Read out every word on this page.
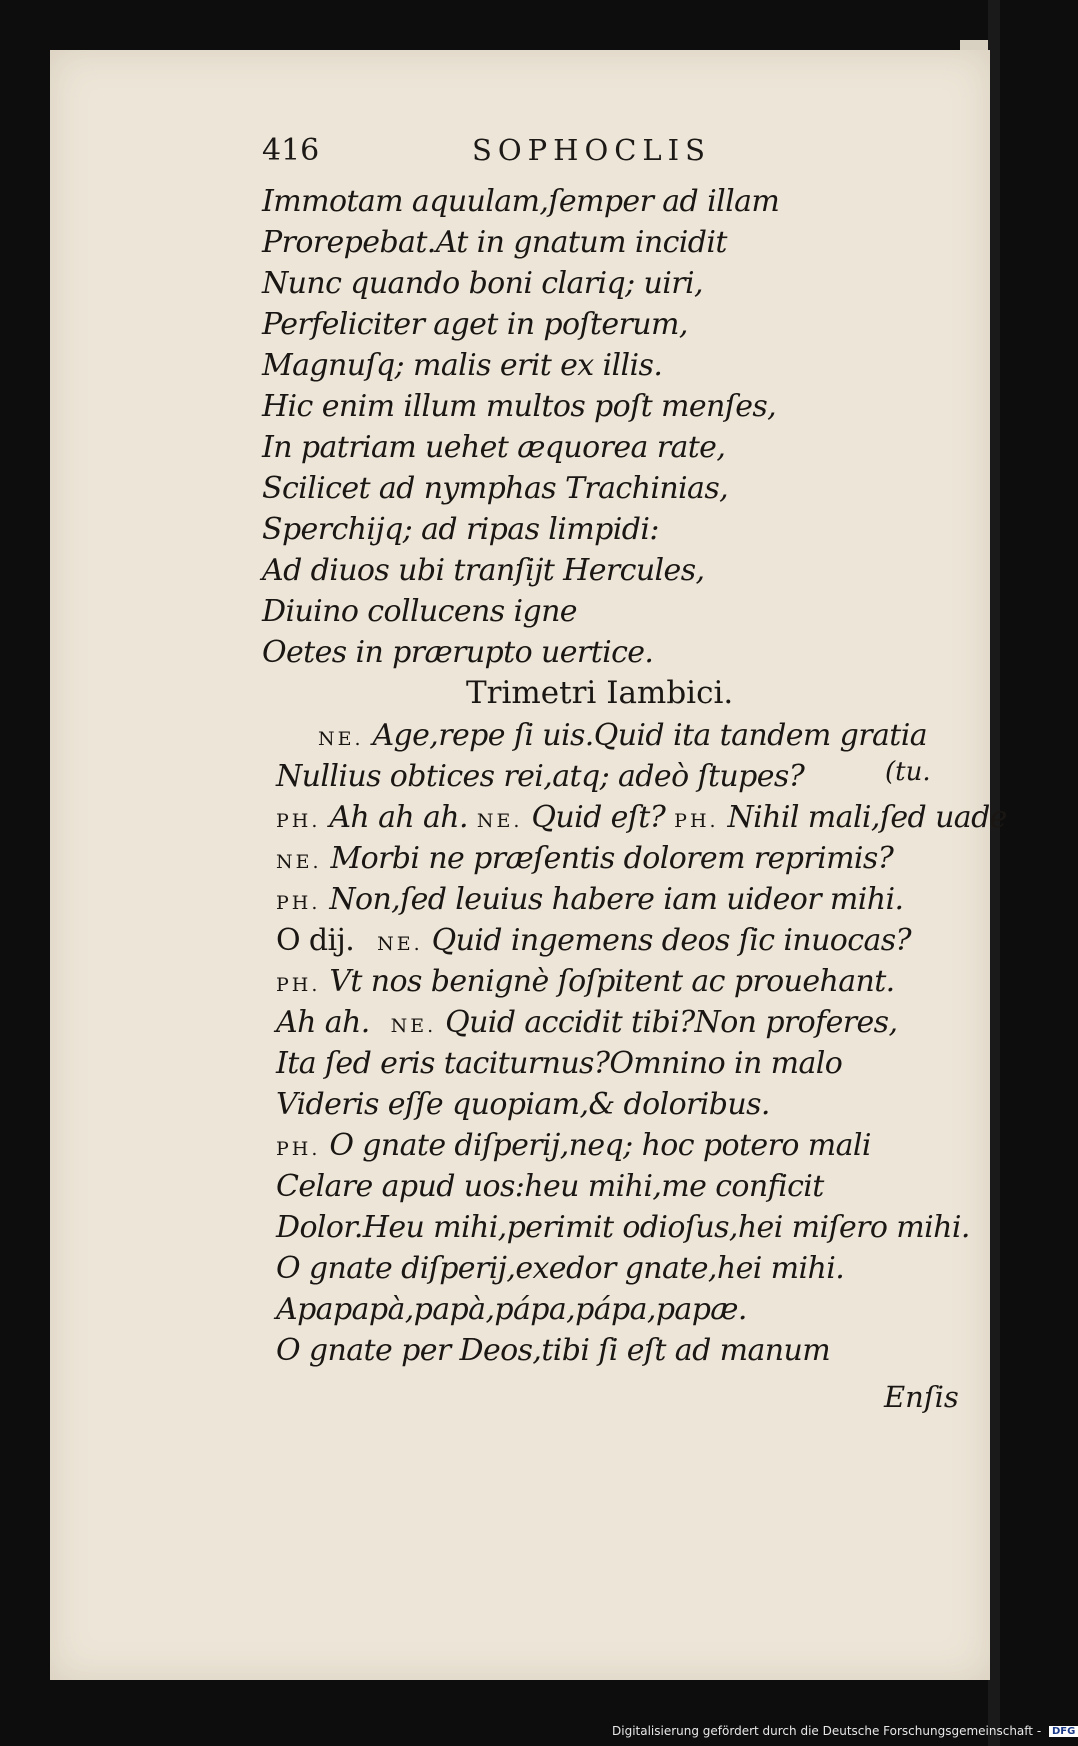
416	SOPHOCLIS
Immotam aquulam,ſemper ad illam
Prorepebat.At in gnatum incidit
Nunc quando boni clariq; uiri,
Perfeliciter aget in poſterum,
Magnuſq; malis erit ex illis.
Hic enim illum multos poſt menſes,
In patriam uehet æquorea rate,
Scilicet ad nymphas Trachinias,
Sperchijq; ad ripas limpidi:
Ad diuos ubi tranſijt Hercules,
Diuino collucens igne
Oetes in prærupto uertice.
Trimetri Iambici.
NE. Age,repe ſi uis.Quid ita tandem gratia
Nullius obtices rei,atq; adeò ſtupes?
PH. Ah ah ah. NE. Quid eſt? PH. Nihil mali,ſed uade
NE. Morbi ne præſentis dolorem reprimis?
PH. Non,ſed leuius habere iam uideor mihi.
O dij. NE. Quid ingemens deos ſic inuocas?
PH. Vt nos benignè ſoſpitent ac prouehant.
Ah ah. NE. Quid accidit tibi?Non proferes,
Ita ſed eris taciturnus?Omnino in malo
Videris eſſe quopiam,& doloribus.
PH. O gnate diſperij,neq; hoc potero mali
Celare apud uos:heu mihi,me conficit
Dolor.Heu mihi,perimit odioſus,hei miſero mihi.
O gnate diſperij,exedor gnate,hei mihi.
Apapapà,papà,pápa,pápa,papæ.
O gnate per Deos,tibi ſi eſt ad manum
(tu.
Enſis
Digitalisierung gefördert durch die Deutsche Forschungsgemeinschaft - DFG
